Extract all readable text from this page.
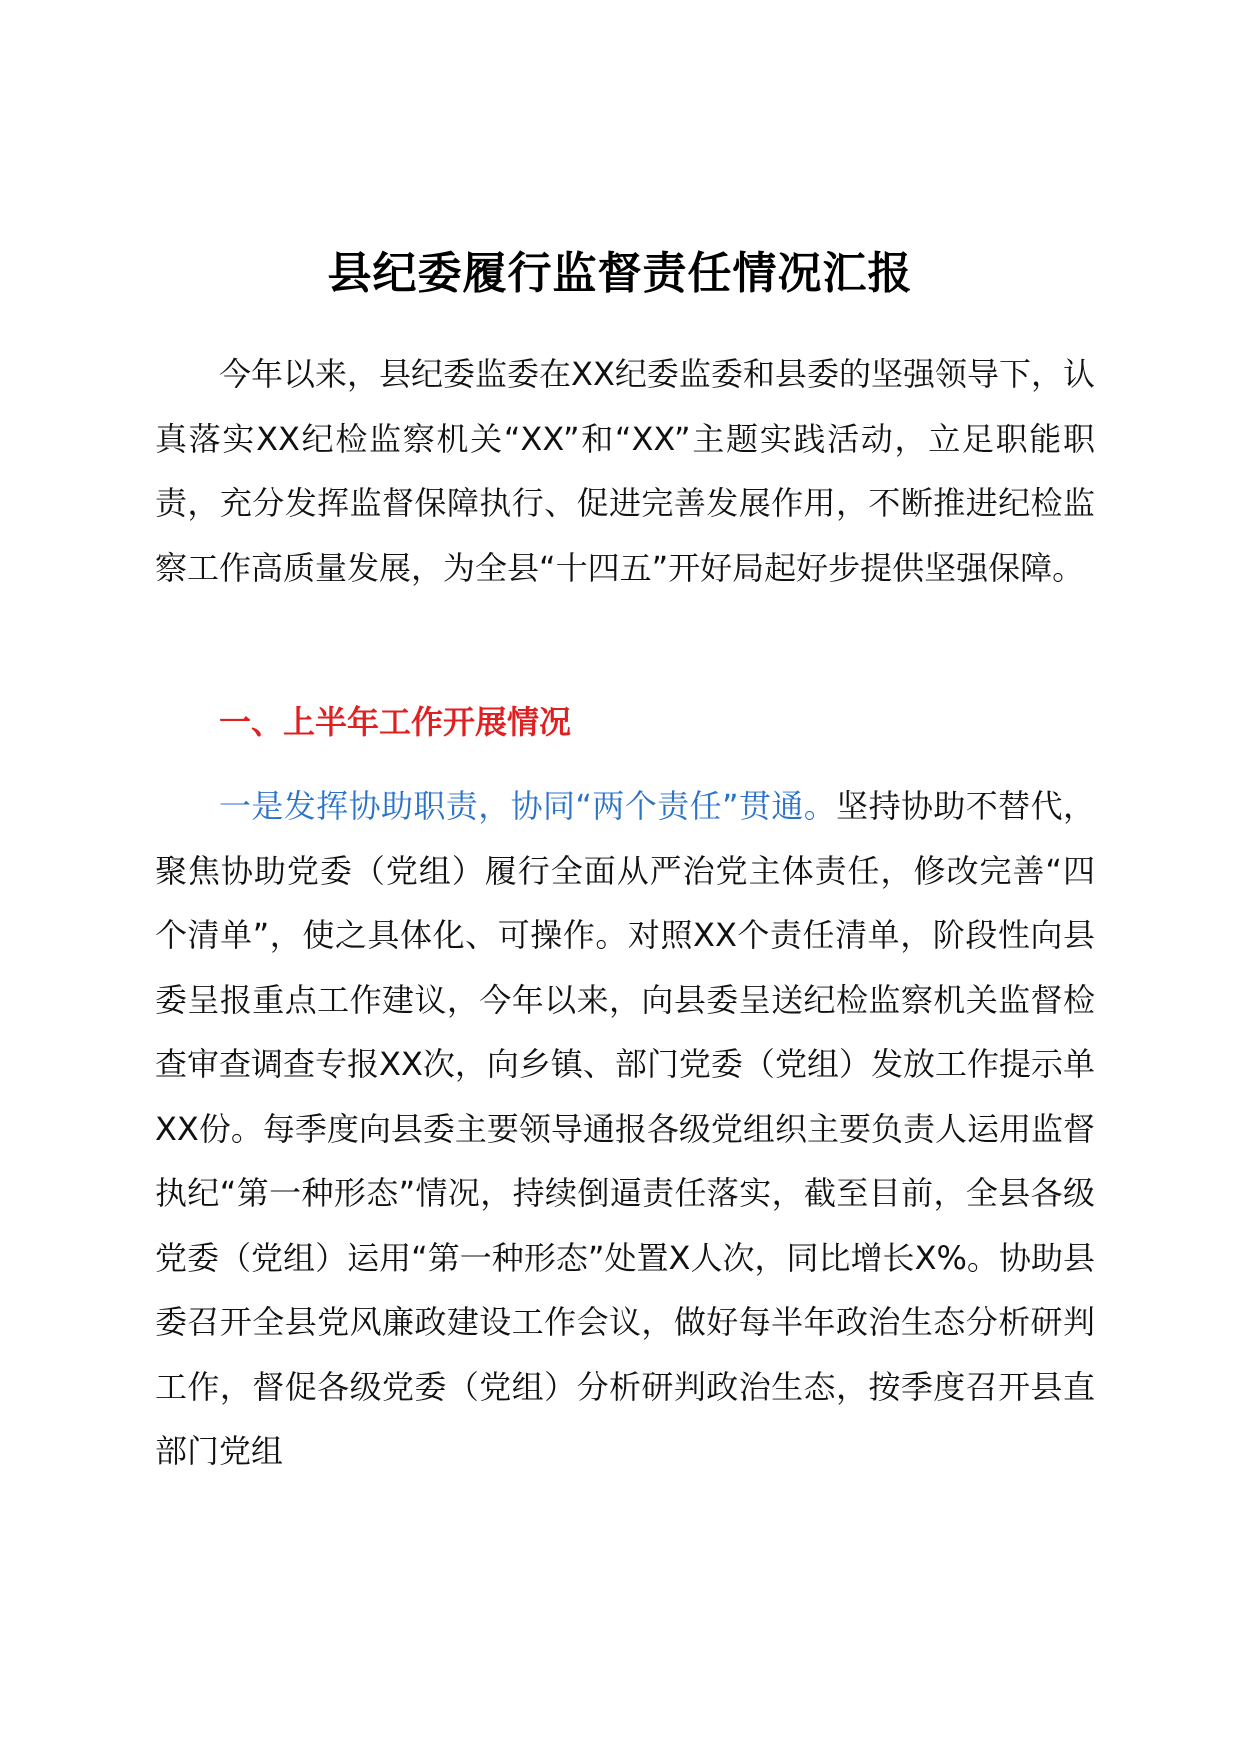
县纪委履行监督责任情况汇报

今年以来，县纪委监委在XX纪委监委和县委的坚强领导下，认真落实XX纪检监察机关“XX”和“XX”主题实践活动，立足职能职责，充分发挥监督保障执行、促进完善发展作用，不断推进纪检监察工作高质量发展，为全县“十四五”开好局起好步提供坚强保障。

一、上半年工作开展情况

一是发挥协助职责，协同“两个责任”贯通。坚持协助不替代，聚焦协助党委（党组）履行全面从严治党主体责任，修改完善“四个清单”，使之具体化、可操作。对照XX个责任清单，阶段性向县委呈报重点工作建议，今年以来，向县委呈送纪检监察机关监督检查审查调查专报XX次，向乡镇、部门党委（党组）发放工作提示单XX份。每季度向县委主要领导通报各级党组织主要负责人运用监督执纪“第一种形态”情况，持续倒逼责任落实，截至目前，全县各级党委（党组）运用“第一种形态”处置X人次，同比增长X%。协助县委召开全县党风廉政建设工作会议，做好每半年政治生态分析研判工作，督促各级党委（党组）分析研判政治生态，按季度召开县直部门党组
